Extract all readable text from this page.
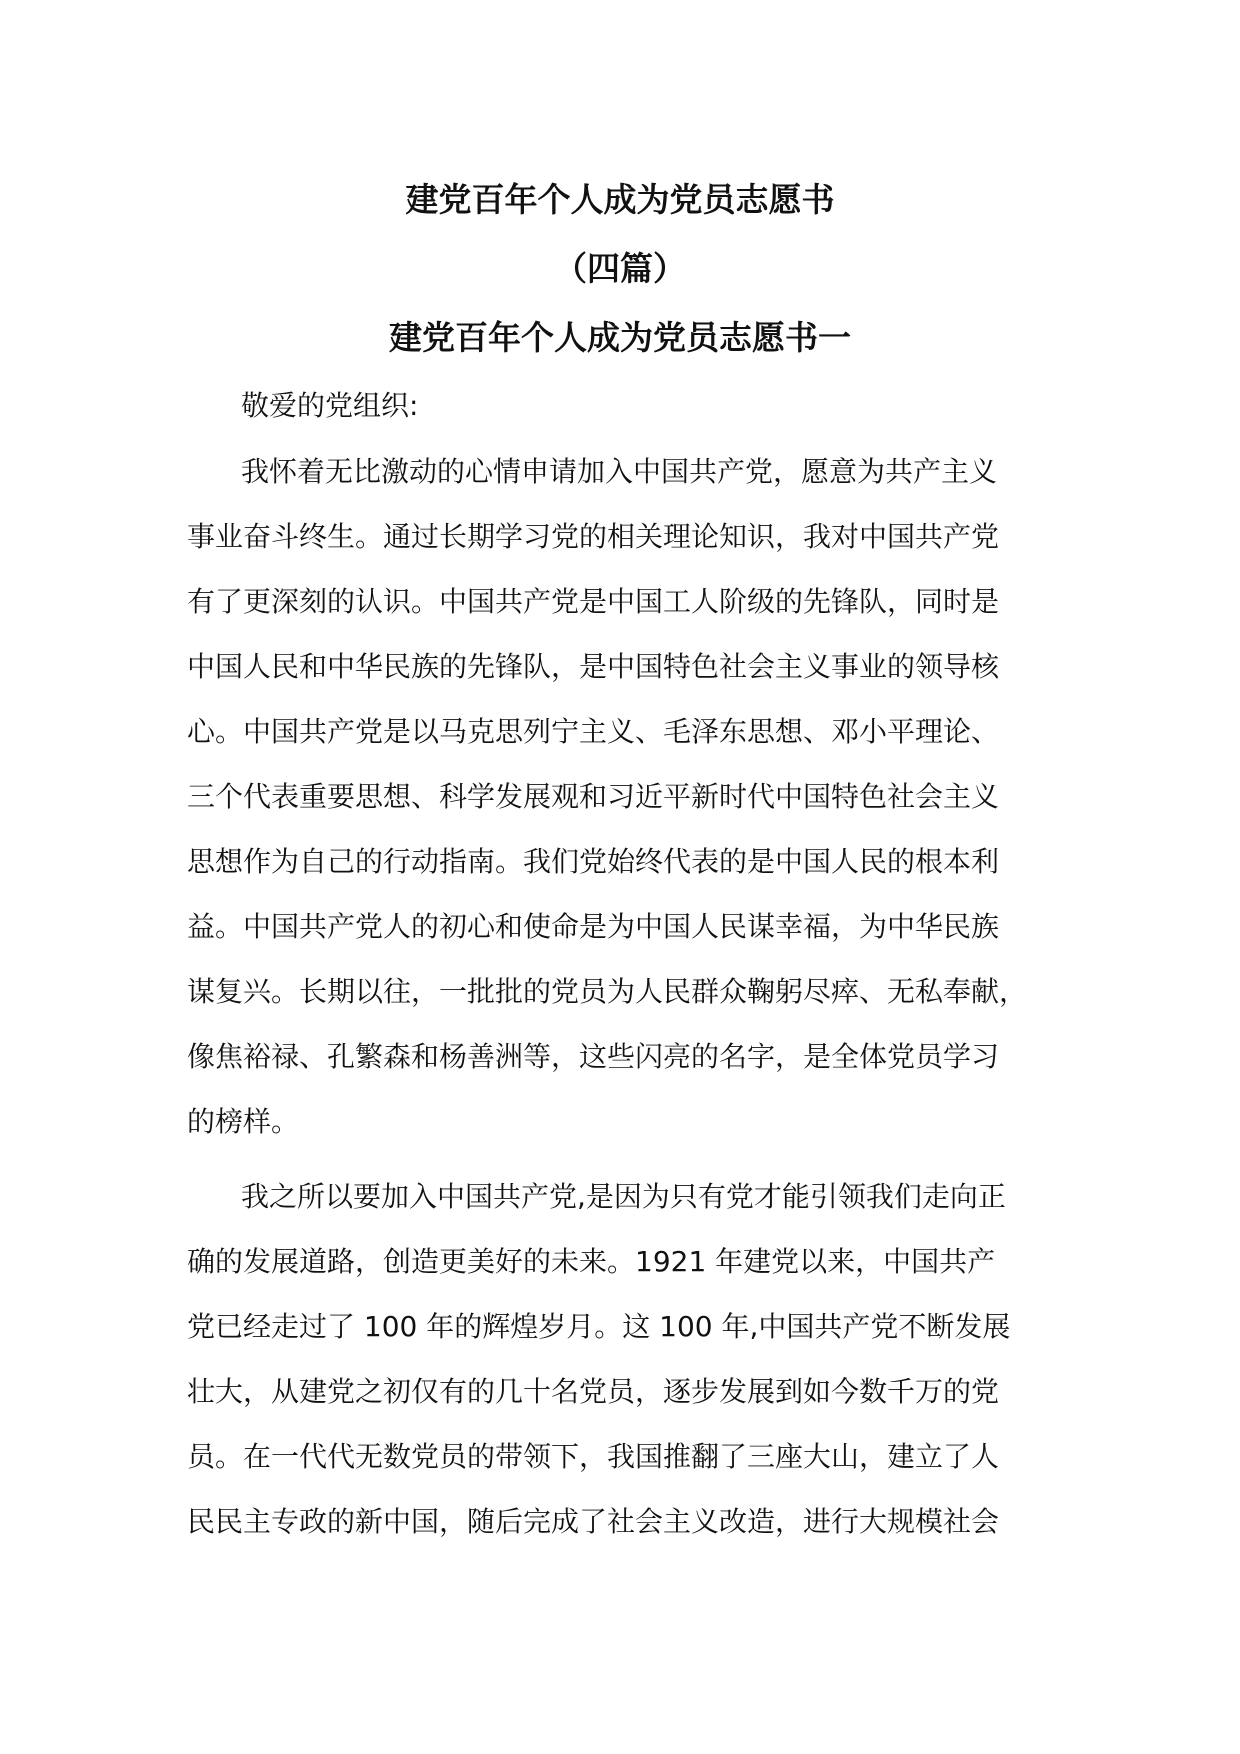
建党百年个人成为党员志愿书
（四篇）
建党百年个人成为党员志愿书一

敬爱的党组织:

我怀着无比激动的心情申请加入中国共产党，愿意为共产主义

事业奋斗终生。通过长期学习党的相关理论知识，我对中国共产党

有了更深刻的认识。中国共产党是中国工人阶级的先锋队，同时是

中国人民和中华民族的先锋队，是中国特色社会主义事业的领导核

心。中国共产党是以马克思列宁主义、毛泽东思想、邓小平理论、

三个代表重要思想、科学发展观和习近平新时代中国特色社会主义

思想作为自己的行动指南。我们党始终代表的是中国人民的根本利

益。中国共产党人的初心和使命是为中国人民谋幸福，为中华民族

谋复兴。长期以往，一批批的党员为人民群众鞠躬尽瘁、无私奉献，

像焦裕禄、孔繁森和杨善洲等，这些闪亮的名字，是全体党员学习

的榜样。

我之所以要加入中国共产党,是因为只有党才能引领我们走向正

确的发展道路，创造更美好的未来。1921 年建党以来，中国共产

党已经走过了 100 年的辉煌岁月。这 100 年,中国共产党不断发展

壮大，从建党之初仅有的几十名党员，逐步发展到如今数千万的党

员。在一代代无数党员的带领下，我国推翻了三座大山，建立了人

民民主专政的新中国，随后完成了社会主义改造，进行大规模社会
